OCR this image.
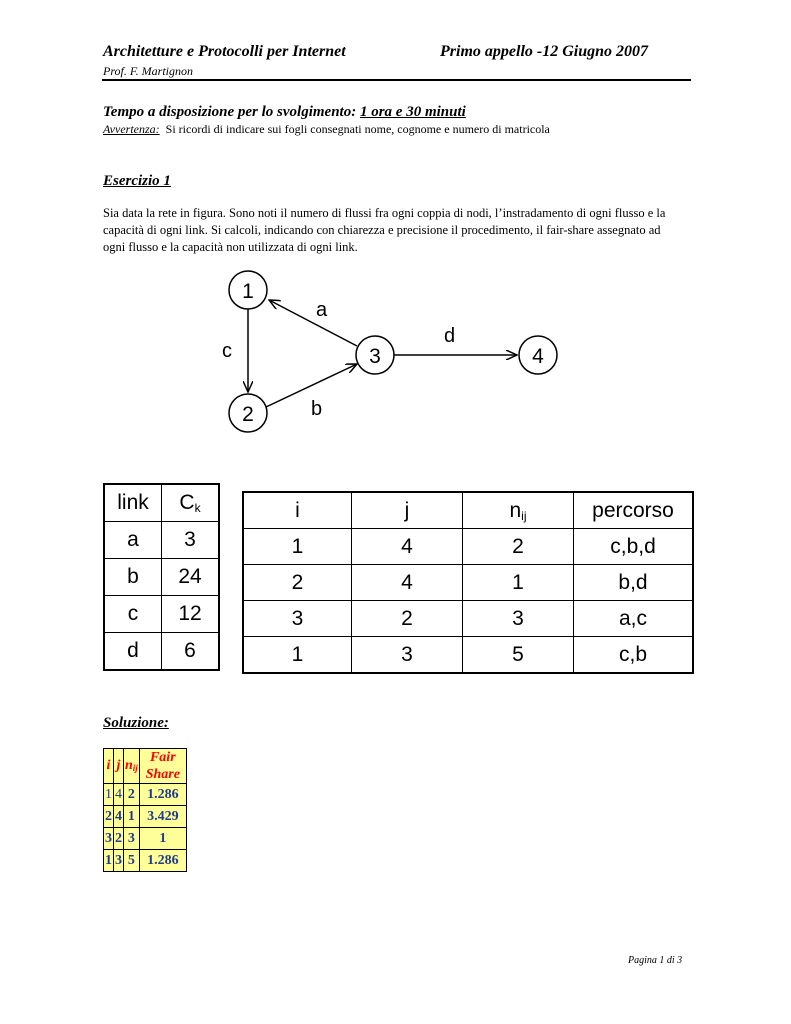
Architetture e Protocolli per Internet	Primo appello -12 Giugno 2007
Prof. F. Martignon
Tempo a disposizione per lo svolgimento: 1 ora e 30 minuti
Avvertenza: Si ricordi di indicare sui fogli consegnati nome, cognome e numero di matricola
Esercizio 1
Sia data la rete in figura. Sono noti il numero di flussi fra ogni coppia di nodi, l’instradamento di ogni flusso e la capacità di ogni link. Si calcoli, indicando con chiarezza e precisione il procedimento, il fair-share assegnato ad ogni flusso e la capacità non utilizzata di ogni link.
1
2
3	4
a
c
b
d
link	$C_k$
a	3
b	24
c	12
d	6
i	j	$n_{ij}$	percorso
1	4	2	c,b,d
2	4	1	b,d
3	2	3	a,c
1	3	5	c,b
Soluzione:
i	j	$n_{ij}$	Fair
Share
1	4	2	1.286
2	4	1	3.429
3	2	3	1
1	3	5	1.286
Pagina 1 di 3
